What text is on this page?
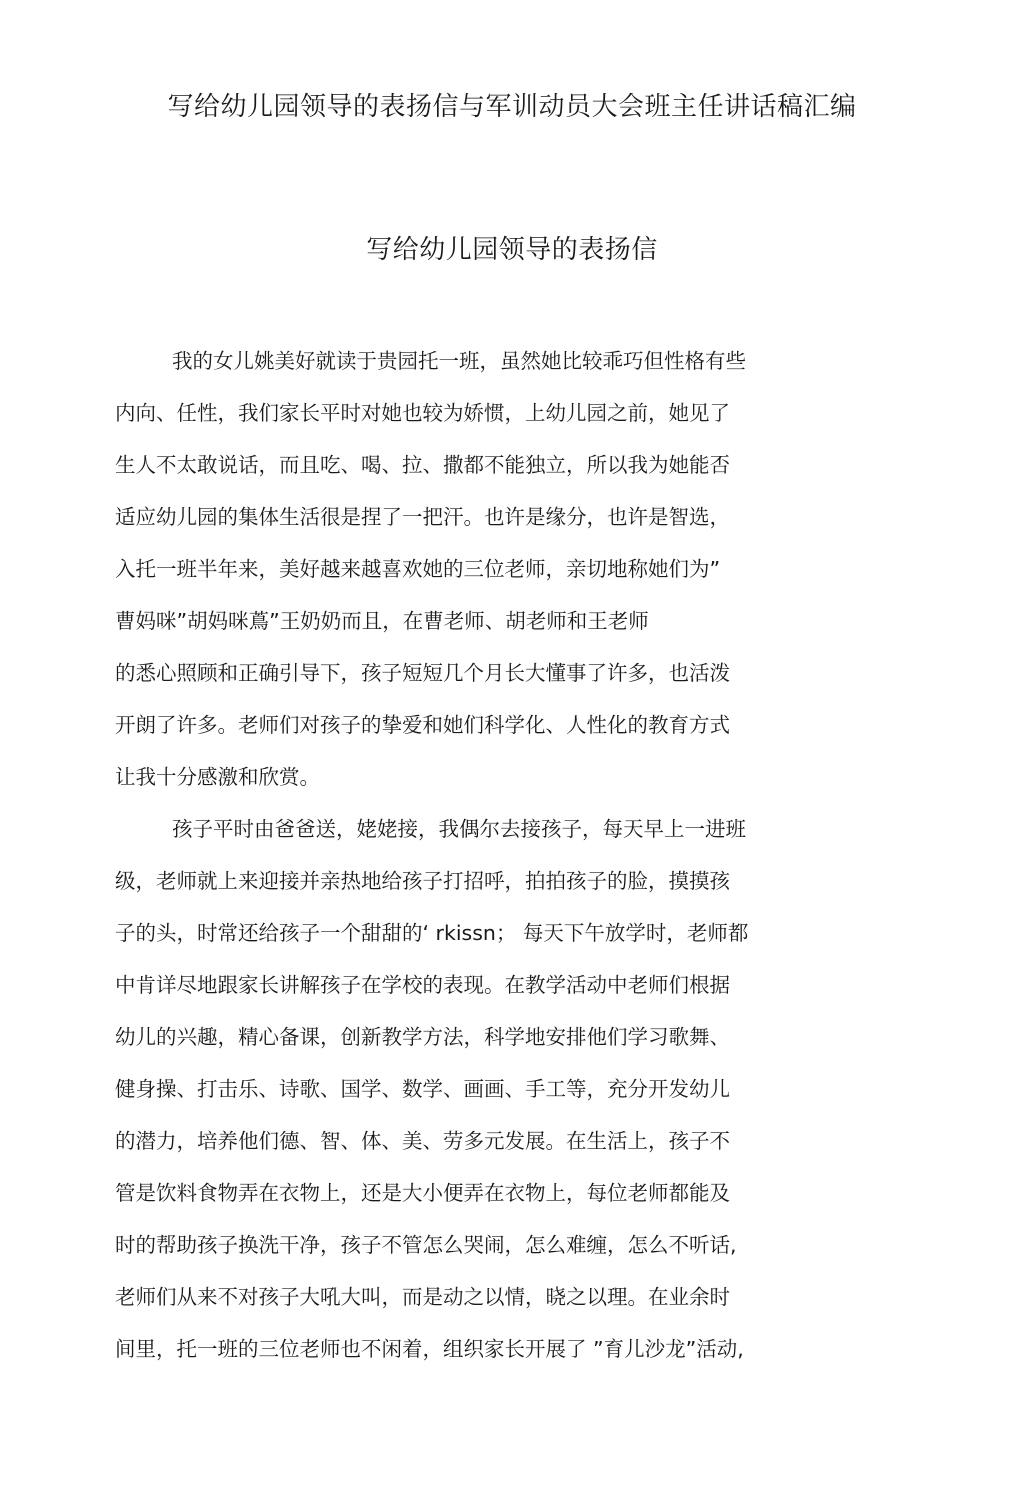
写给幼儿园领导的表扬信与军训动员大会班主任讲话稿汇编
写给幼儿园领导的表扬信

我的女儿姚美好就读于贵园托一班，虽然她比较乖巧但性格有些

内向、任性，我们家长平时对她也较为娇惯，上幼儿园之前，她见了

生人不太敢说话，而且吃、喝、拉、撒都不能独立，所以我为她能否

适应幼儿园的集体生活很是捏了一把汗。也许是缘分，也许是智选，

入托一班半年来，美好越来越喜欢她的三位老师，亲切地称她们为”

曹妈咪”胡妈咪蔦”王奶奶而且，在曹老师、胡老师和王老师

的悉心照顾和正确引导下，孩子短短几个月长大懂事了许多，也活泼

开朗了许多。老师们对孩子的挚爱和她们科学化、人性化的教育方式

让我十分感激和欣赏。

孩子平时由爸爸送，姥姥接，我偶尔去接孩子，每天早上一进班

级，老师就上来迎接并亲热地给孩子打招呼，拍拍孩子的脸，摸摸孩

子的头，时常还给孩子一个甜甜的‘ rkissn； 每天下午放学时，老师都

中肯详尽地跟家长讲解孩子在学校的表现。在教学活动中老师们根据

幼儿的兴趣，精心备课，创新教学方法，科学地安排他们学习歌舞、

健身操、打击乐、诗歌、国学、数学、画画、手工等，充分开发幼儿

的潜力，培养他们德、智、体、美、劳多元发展。在生活上，孩子不

管是饮料食物弄在衣物上，还是大小便弄在衣物上，每位老师都能及

时的帮助孩子换洗干净，孩子不管怎么哭闹，怎么难缠，怎么不听话,

老师们从来不对孩子大吼大叫，而是动之以情，晓之以理。在业余时

间里，托一班的三位老师也不闲着，组织家长开展了 ”育儿沙龙”活动,
